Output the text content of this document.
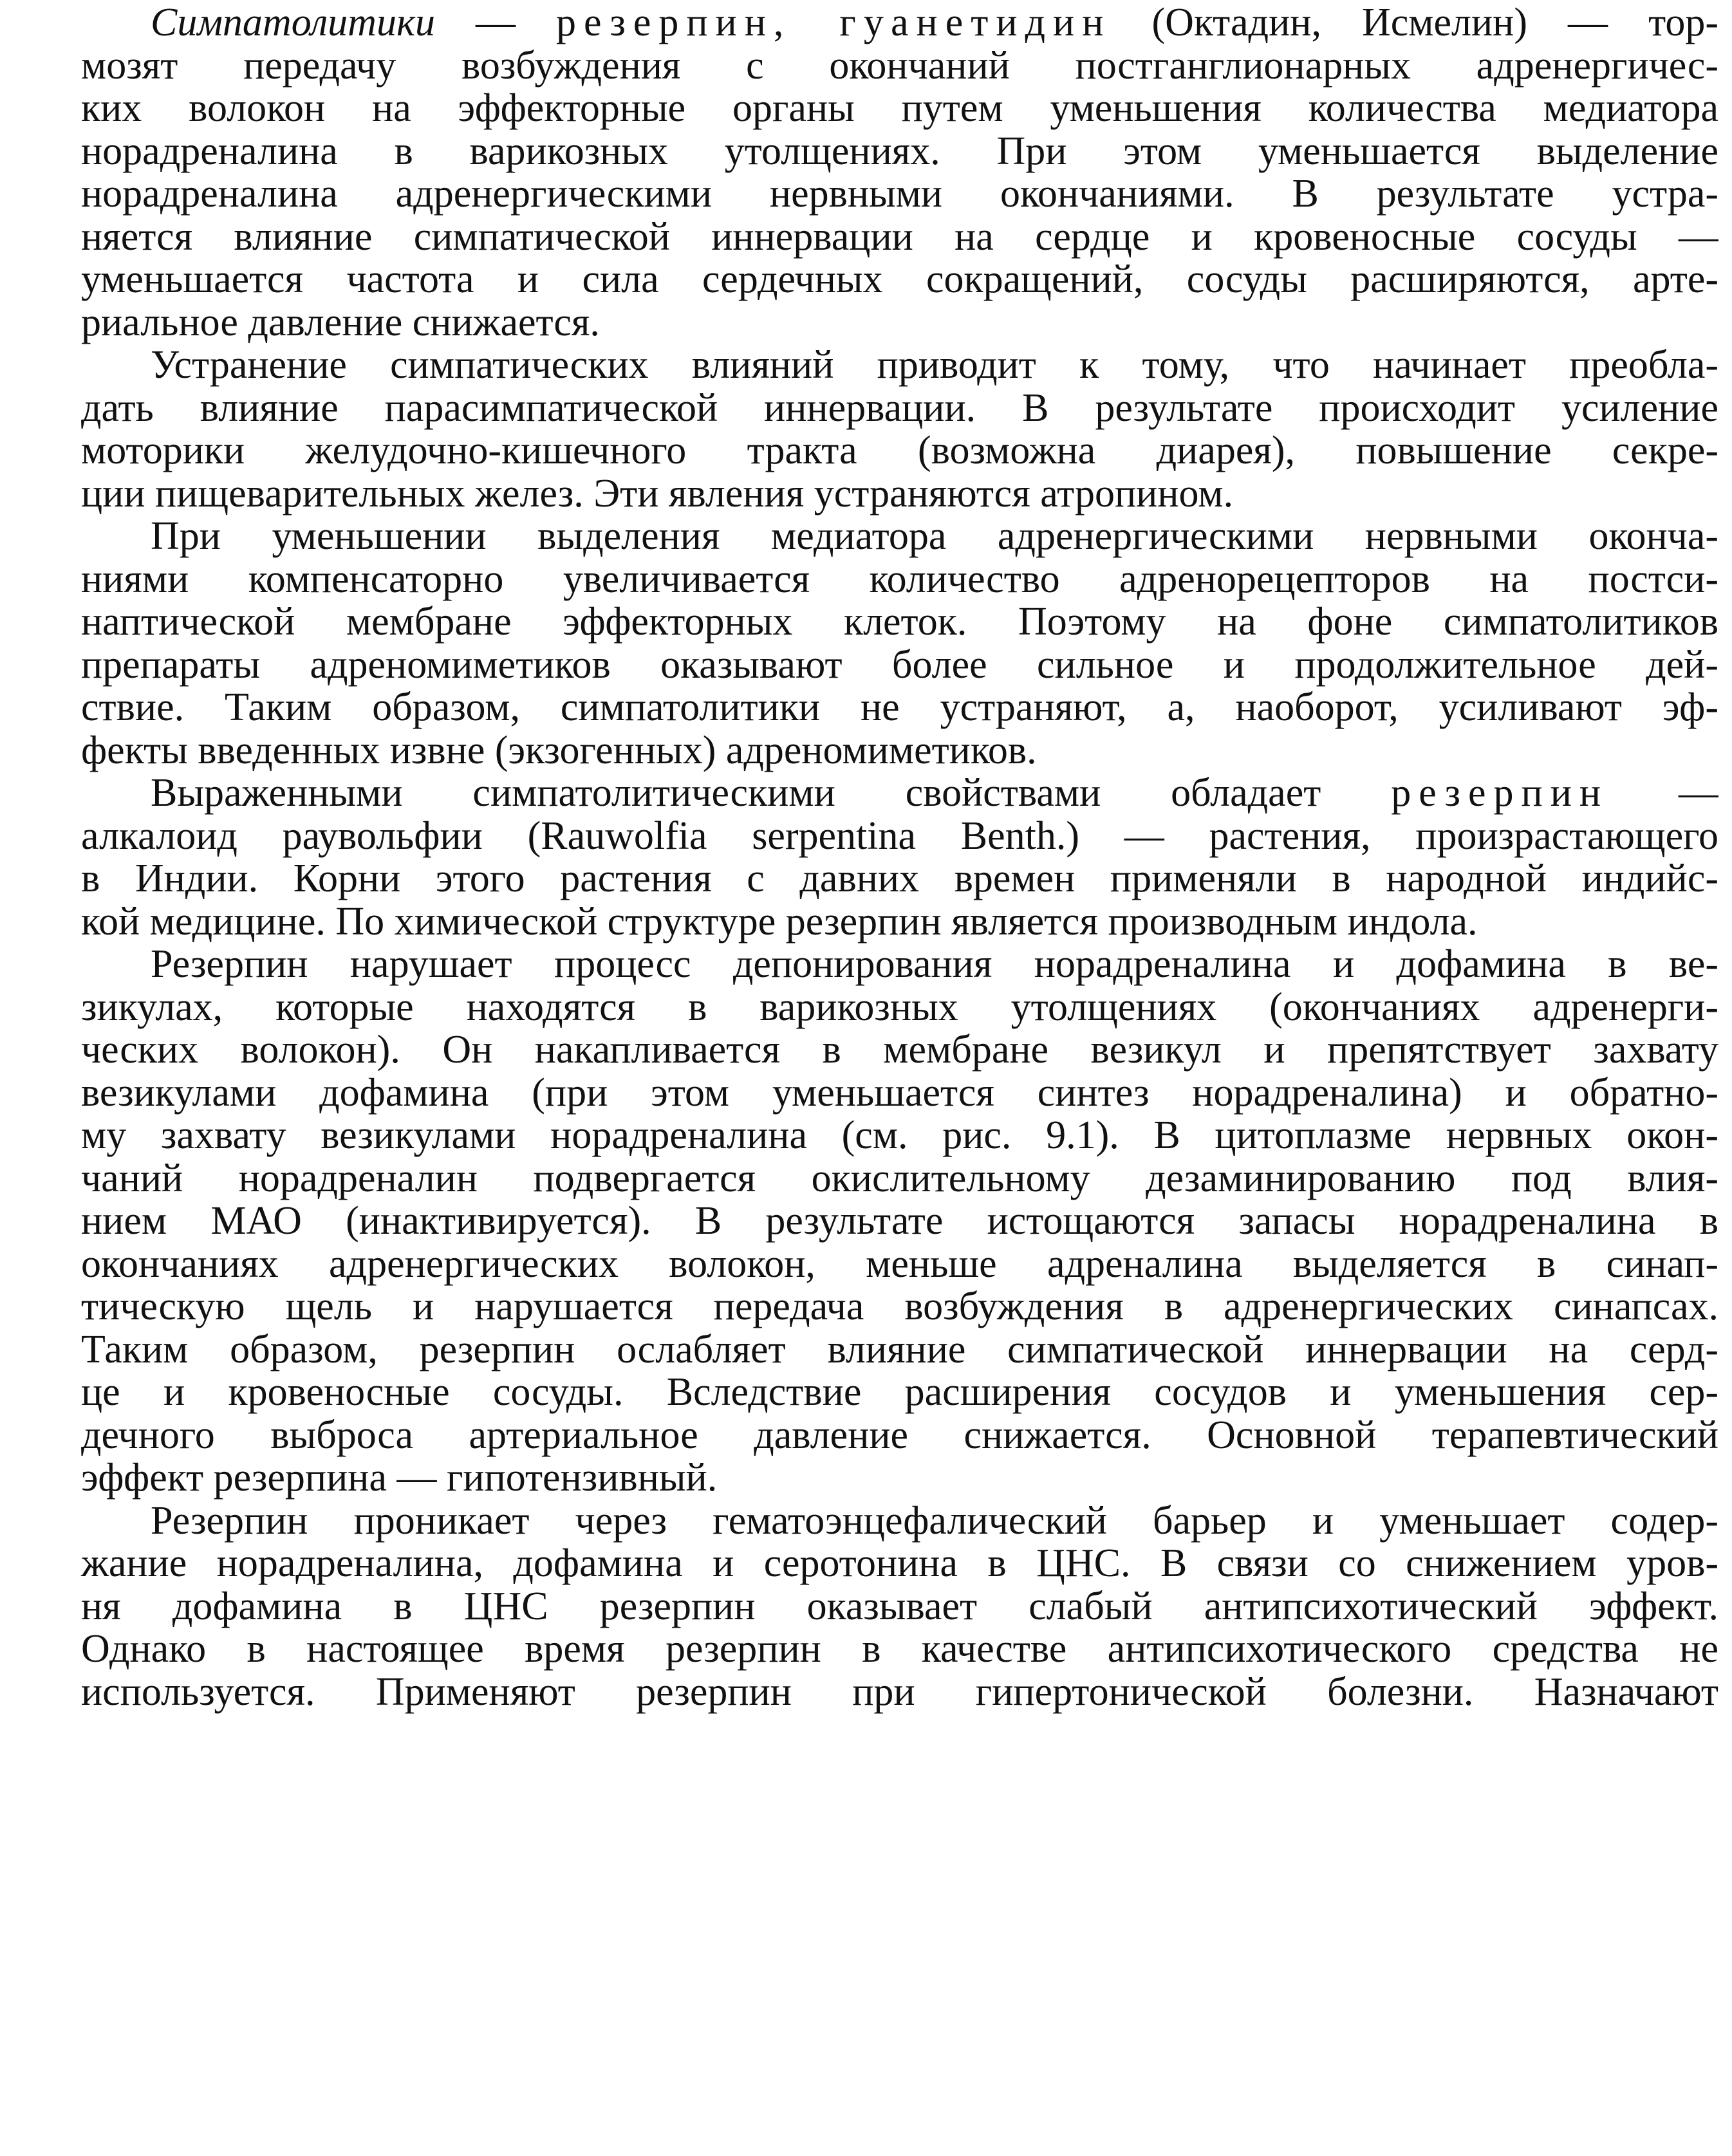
Симпатолитики — резерпин, гуанетидин (Октадин, Исмелин) — тор-
мозят передачу возбуждения с окончаний постганглионарных адренергичес-
ких волокон на эффекторные органы путем уменьшения количества медиатора
норадреналина в варикозных утолщениях. При этом уменьшается выделение
норадреналина адренергическими нервными окончаниями. В результате устра-
няется влияние симпатической иннервации на сердце и кровеносные сосуды —
уменьшается частота и сила сердечных сокращений, сосуды расширяются, арте-
риальное давление снижается.
Устранение симпатических влияний приводит к тому, что начинает преобла-
дать влияние парасимпатической иннервации. В результате происходит усиление
моторики желудочно-кишечного тракта (возможна диарея), повышение секре-
ции пищеварительных желез. Эти явления устраняются атропином.
При уменьшении выделения медиатора адренергическими нервными оконча-
ниями компенсаторно увеличивается количество адренорецепторов на постси-
наптической мембране эффекторных клеток. Поэтому на фоне симпатолитиков
препараты адреномиметиков оказывают более сильное и продолжительное дей-
ствие. Таким образом, симпатолитики не устраняют, а, наоборот, усиливают эф-
фекты введенных извне (экзогенных) адреномиметиков.
Выраженными симпатолитическими свойствами обладает резерпин —
алкалоид раувольфии (Rauwolfia serpentina Benth.) — растения, произрастающего
в Индии. Корни этого растения с давних времен применяли в народной индийс-
кой медицине. По химической структуре резерпин является производным индола.
Резерпин нарушает процесс депонирования норадреналина и дофамина в ве-
зикулах, которые находятся в варикозных утолщениях (окончаниях адренерги-
ческих волокон). Он накапливается в мембране везикул и препятствует захвату
везикулами дофамина (при этом уменьшается синтез норадреналина) и обратно-
му захвату везикулами норадреналина (см. рис. 9.1). В цитоплазме нервных окон-
чаний норадреналин подвергается окислительному дезаминированию под влия-
нием МАО (инактивируется). В результате истощаются запасы норадреналина в
окончаниях адренергических волокон, меньше адреналина выделяется в синап-
тическую щель и нарушается передача возбуждения в адренергических синапсах.
Таким образом, резерпин ослабляет влияние симпатической иннервации на серд-
це и кровеносные сосуды. Вследствие расширения сосудов и уменьшения сер-
дечного выброса артериальное давление снижается. Основной терапевтический
эффект резерпина — гипотензивный.
Резерпин проникает через гематоэнцефалический барьер и уменьшает содер-
жание норадреналина, дофамина и серотонина в ЦНС. В связи со снижением уров-
ня дофамина в ЦНС резерпин оказывает слабый антипсихотический эффект.
Однако в настоящее время резерпин в качестве антипсихотического средства не
используется. Применяют резерпин при гипертонической болезни. Назначают
